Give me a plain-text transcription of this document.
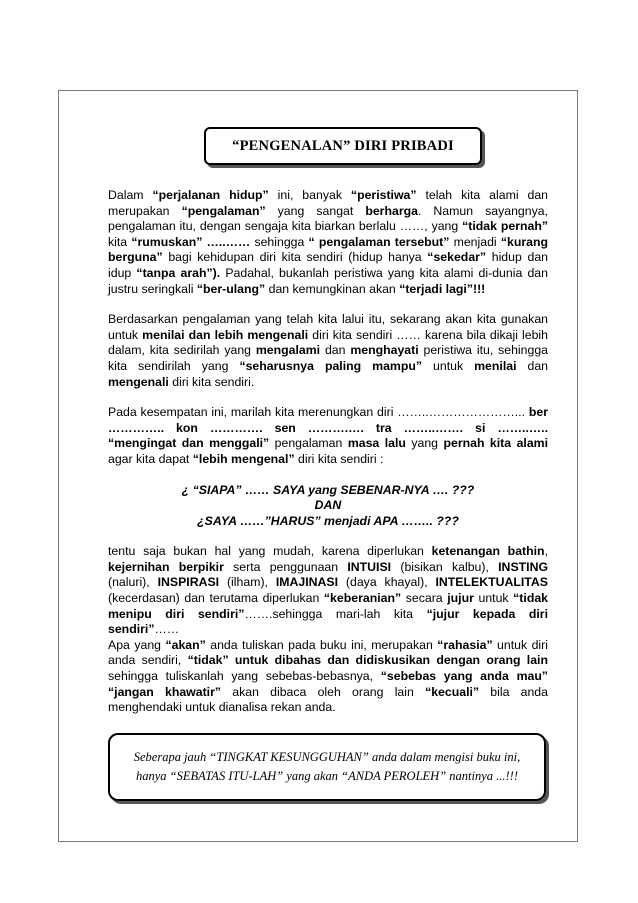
“PENGENALAN” DIRI PRIBADI

Dalam “perjalanan hidup” ini, banyak “peristiwa” telah kita alami dan merupakan “pengalaman” yang sangat berharga. Namun sayangnya, pengalaman itu, dengan sengaja kita biarkan berlalu ……, yang “tidak pernah” kita “rumuskan” …..…… sehingga “ pengalaman tersebut” menjadi “kurang berguna” bagi kehidupan diri kita sendiri (hidup hanya “sekedar” hidup dan idup “tanpa arah”). Padahal, bukanlah peristiwa yang kita alami di-dunia dan justru seringkali “ber-ulang” dan kemungkinan akan “terjadi lagi”!!!

Berdasarkan pengalaman yang telah kita lalui itu, sekarang akan kita gunakan untuk menilai dan lebih mengenali diri kita sendiri …… karena bila dikaji lebih dalam, kita sedirilah yang mengalami dan menghayati peristiwa itu, sehingga kita sendirilah yang “seharusnya paling mampu” untuk menilai dan mengenali diri kita sendiri.

Pada kesempatan ini, marilah kita merenungkan diri ……..…………………... ber ………….. kon …………. sen ……….…. tra ……..……. si ……..….. “mengingat dan menggali” pengalaman masa lalu yang pernah kita alami agar kita dapat “lebih mengenal” diri kita sendiri :

¿ “SIAPA” …… SAYA yang SEBENAR-NYA …. ???
DAN
¿SAYA ……”HARUS” menjadi APA …….. ???

tentu saja bukan hal yang mudah, karena diperlukan ketenangan bathin, kejernihan berpikir serta penggunaan INTUISI (bisikan kalbu), INSTING (naluri), INSPIRASI (ilham), IMAJINASI (daya khayal), INTELEKTUALITAS (kecerdasan) dan terutama diperlukan “keberanian” secara jujur untuk “tidak menipu diri sendiri”…….sehingga mari-lah kita “jujur kepada diri sendiri”……

Apa yang “akan” anda tuliskan pada buku ini, merupakan “rahasia” untuk diri anda sendiri, “tidak” untuk dibahas dan didiskusikan dengan orang lain sehingga tuliskanlah yang sebebas-bebasnya, “sebebas yang anda mau” “jangan khawatir” akan dibaca oleh orang lain “kecuali” bila anda menghendaki untuk dianalisa rekan anda.

Seberapa jauh “TINGKAT KESUNGGUHAN” anda dalam mengisi buku ini,
hanya “SEBATAS ITU-LAH” yang akan “ANDA PEROLEH” nantinya ...!!!
